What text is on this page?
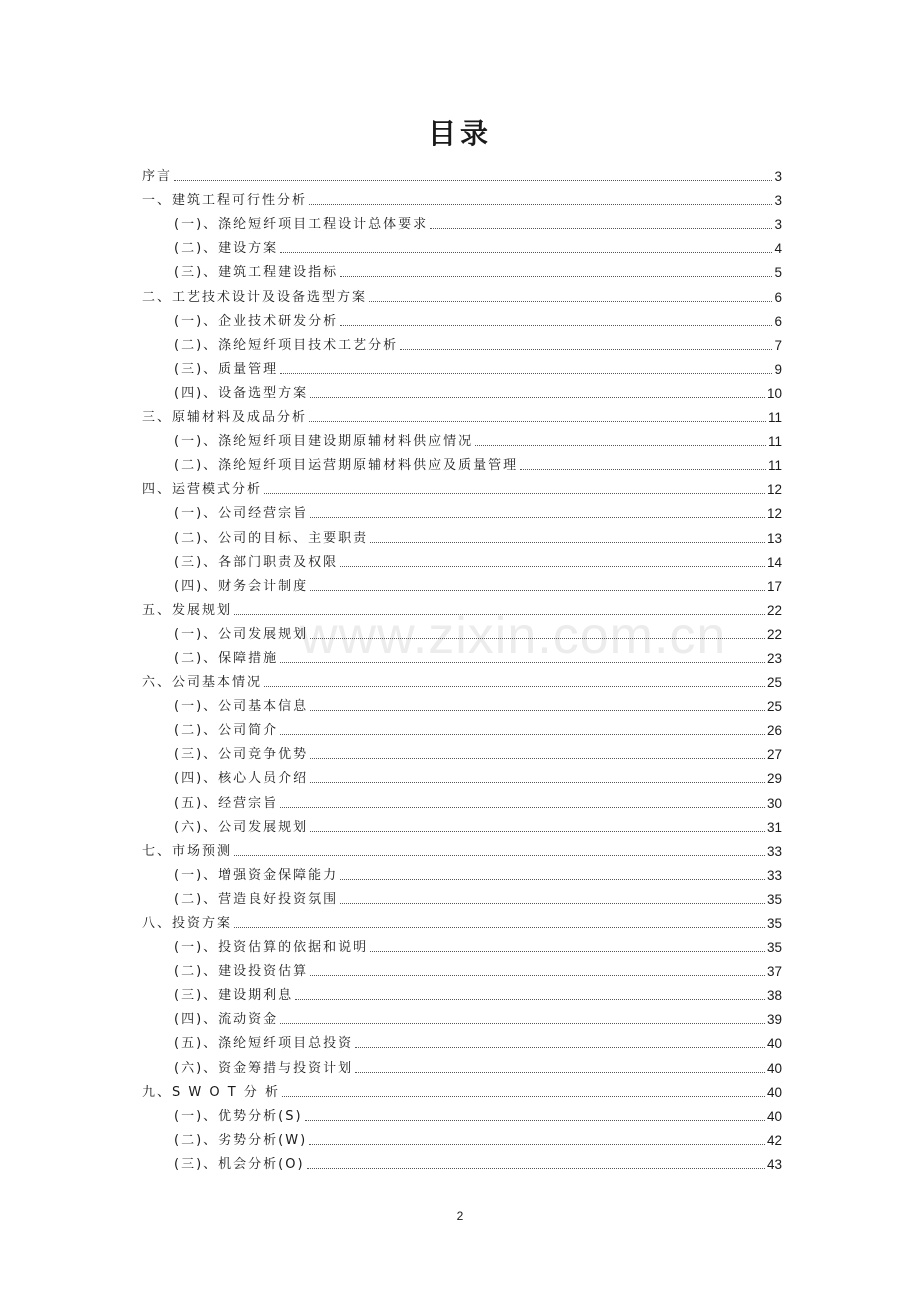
目录
www.zixin.com.cn
序言	3
一、建筑工程可行性分析	3
(一)、涤纶短纤项目工程设计总体要求	3
(二)、建设方案	4
(三)、建筑工程建设指标	5
二、工艺技术设计及设备选型方案	6
(一)、企业技术研发分析	6
(二)、涤纶短纤项目技术工艺分析	7
(三)、质量管理	9
(四)、设备选型方案	10
三、原辅材料及成品分析	11
(一)、涤纶短纤项目建设期原辅材料供应情况	11
(二)、涤纶短纤项目运营期原辅材料供应及质量管理	11
四、运营模式分析	12
(一)、公司经营宗旨	12
(二)、公司的目标、主要职责	13
(三)、各部门职责及权限	14
(四)、财务会计制度	17
五、发展规划	22
(一)、公司发展规划	22
(二)、保障措施	23
六、公司基本情况	25
(一)、公司基本信息	25
(二)、公司简介	26
(三)、公司竞争优势	27
(四)、核心人员介绍	29
(五)、经营宗旨	30
(六)、公司发展规划	31
七、市场预测	33
(一)、增强资金保障能力	33
(二)、营造良好投资氛围	35
八、投资方案	35
(一)、投资估算的依据和说明	35
(二)、建设投资估算	37
(三)、建设期利息	38
(四)、流动资金	39
(五)、涤纶短纤项目总投资	40
(六)、资金筹措与投资计划	40
九、S W O T 分 析	40
(一)、优势分析(S)	40
(二)、劣势分析(W)	42
(三)、机会分析(O)	43
2
